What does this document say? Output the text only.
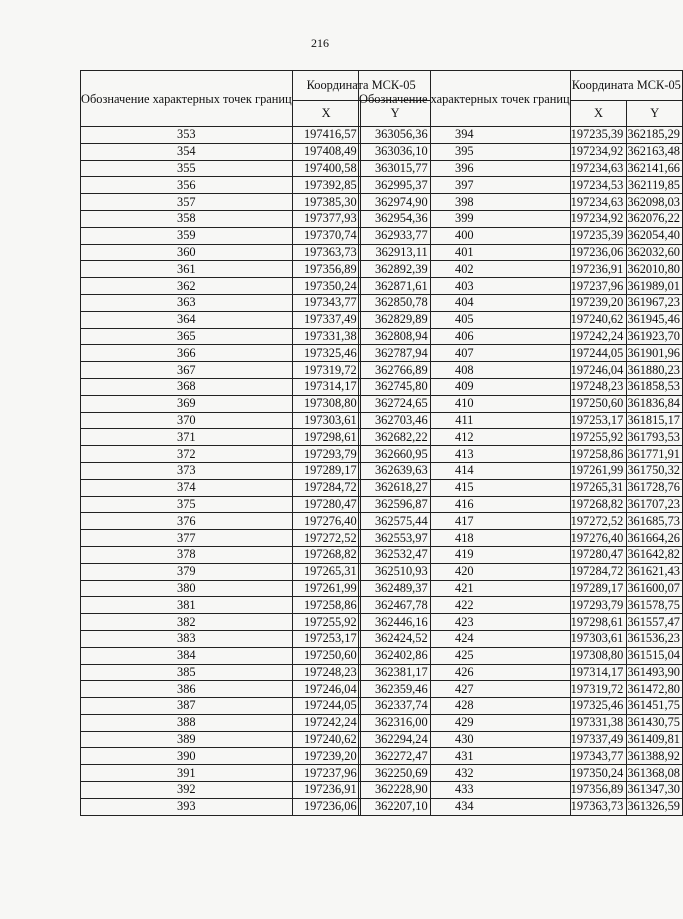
216
Обозначение характерных точек границ	Координата МСК-05	
	X	Y
353	197416,57	363056,36
354	197408,49	363036,10
355	197400,58	363015,77
356	197392,85	362995,37
357	197385,30	362974,90
358	197377,93	362954,36
359	197370,74	362933,77
360	197363,73	362913,11
361	197356,89	362892,39
362	197350,24	362871,61
363	197343,77	362850,78
364	197337,49	362829,89
365	197331,38	362808,94
366	197325,46	362787,94
367	197319,72	362766,89
368	197314,17	362745,80
369	197308,80	362724,65
370	197303,61	362703,46
371	197298,61	362682,22
372	197293,79	362660,95
373	197289,17	362639,63
374	197284,72	362618,27
375	197280,47	362596,87
376	197276,40	362575,44
377	197272,52	362553,97
378	197268,82	362532,47
379	197265,31	362510,93
380	197261,99	362489,37
381	197258,86	362467,78
382	197255,92	362446,16
383	197253,17	362424,52
384	197250,60	362402,86
385	197248,23	362381,17
386	197246,04	362359,46
387	197244,05	362337,74
388	197242,24	362316,00
389	197240,62	362294,24
390	197239,20	362272,47
391	197237,96	362250,69
392	197236,91	362228,90
393	197236,06	362207,10
Обозначение характерных точек границ	Координата МСК-05	
	X	Y
394	197235,39	362185,29
395	197234,92	362163,48
396	197234,63	362141,66
397	197234,53	362119,85
398	197234,63	362098,03
399	197234,92	362076,22
400	197235,39	362054,40
401	197236,06	362032,60
402	197236,91	362010,80
403	197237,96	361989,01
404	197239,20	361967,23
405	197240,62	361945,46
406	197242,24	361923,70
407	197244,05	361901,96
408	197246,04	361880,23
409	197248,23	361858,53
410	197250,60	361836,84
411	197253,17	361815,17
412	197255,92	361793,53
413	197258,86	361771,91
414	197261,99	361750,32
415	197265,31	361728,76
416	197268,82	361707,23
417	197272,52	361685,73
418	197276,40	361664,26
419	197280,47	361642,82
420	197284,72	361621,43
421	197289,17	361600,07
422	197293,79	361578,75
423	197298,61	361557,47
424	197303,61	361536,23
425	197308,80	361515,04
426	197314,17	361493,90
427	197319,72	361472,80
428	197325,46	361451,75
429	197331,38	361430,75
430	197337,49	361409,81
431	197343,77	361388,92
432	197350,24	361368,08
433	197356,89	361347,30
434	197363,73	361326,59
